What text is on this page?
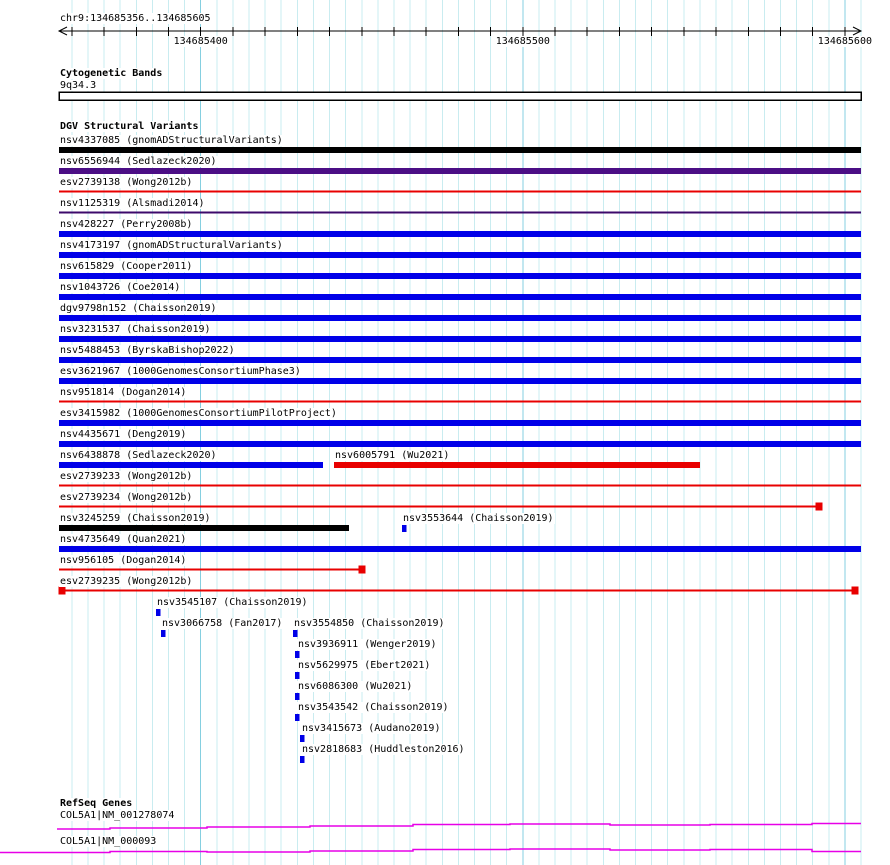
chr9:134685356..134685605
Cytogenetic Bands
9q34.3
DGV Structural Variants
RefSeq Genes
COL5A1|NM_001278074
COL5A1|NM_000093
nsv4337085 (gnomADStructuralVariants)
nsv6556944 (Sedlazeck2020)
esv2739138 (Wong2012b)
nsv1125319 (Alsmadi2014)
nsv428227 (Perry2008b)
nsv4173197 (gnomADStructuralVariants)
nsv615829 (Cooper2011)
nsv1043726 (Coe2014)
dgv9798n152 (Chaisson2019)
nsv3231537 (Chaisson2019)
nsv5488453 (ByrskaBishop2022)
esv3621967 (1000GenomesConsortiumPhase3)
nsv951814 (Dogan2014)
esv3415982 (1000GenomesConsortiumPilotProject)
nsv4435671 (Deng2019)
nsv6438878 (Sedlazeck2020)	nsv6005791 (Wu2021)
esv2739233 (Wong2012b)
esv2739234 (Wong2012b)
nsv3245259 (Chaisson2019)	nsv3553644 (Chaisson2019)
nsv4735649 (Quan2021)
nsv956105 (Dogan2014)
esv2739235 (Wong2012b)
nsv3545107 (Chaisson2019)
nsv3066758 (Fan2017) nsv3554850 (Chaisson2019)
nsv3936911 (Wenger2019)
nsv5629975 (Ebert2021)
nsv6086300 (Wu2021)
nsv3543542 (Chaisson2019)
nsv3415673 (Audano2019)
nsv2818683 (Huddleston2016)
134685400	134685500	134685600
